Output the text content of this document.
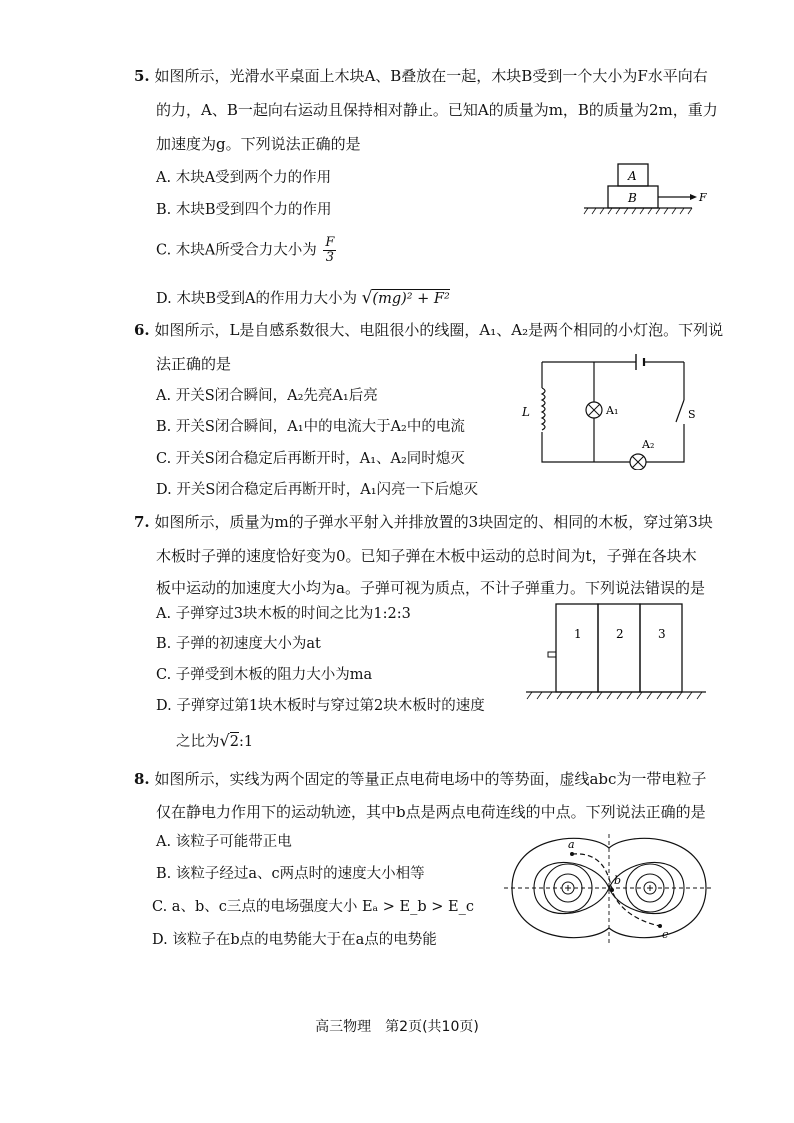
5. 如图所示，光滑水平桌面上木块A、B叠放在一起，木块B受到一个大小为F水平向右
的力，A、B一起向右运动且保持相对静止。已知A的质量为m，B的质量为2m，重力
加速度为g。下列说法正确的是
A. 木块A受到两个力的作用
B. 木块B受到四个力的作用
C. 木块A所受合力大小为 $\frac{F}{3}$
D. 木块B受到A的作用力大小为 √(mg)² + F²
A
B	F
6. 如图所示，L是自感系数很大、电阻很小的线圈，A₁、A₂是两个相同的小灯泡。下列说
法正确的是
A. 开关S闭合瞬间，A₂先亮A₁后亮
B. 开关S闭合瞬间，A₁中的电流大于A₂中的电流
C. 开关S闭合稳定后再断开时，A₁、A₂同时熄灭
D. 开关S闭合稳定后再断开时，A₁闪亮一下后熄灭
S
L	A₁
A₂
7. 如图所示，质量为m的子弹水平射入并排放置的3块固定的、相同的木板，穿过第3块
木板时子弹的速度恰好变为0。已知子弹在木板中运动的总时间为t，子弹在各块木
板中运动的加速度大小均为a。子弹可视为质点，不计子弹重力。下列说法错误的是
A. 子弹穿过3块木板的时间之比为1:2:3
B. 子弹的初速度大小为at
C. 子弹受到木板的阻力大小为ma
D. 子弹穿过第1块木板时与穿过第2块木板时的速度
之比为√2:1
1	2	3
8. 如图所示，实线为两个固定的等量正点电荷电场中的等势面，虚线abc为一带电粒子
仅在静电力作用下的运动轨迹，其中b点是两点电荷连线的中点。下列说法正确的是
A. 该粒子可能带正电
B. 该粒子经过a、c两点时的速度大小相等
C. a、b、c三点的电场强度大小 Eₐ > E_b > E_c
D. 该粒子在b点的电势能大于在a点的电势能
a
b
c
高三物理　第2页(共10页)
